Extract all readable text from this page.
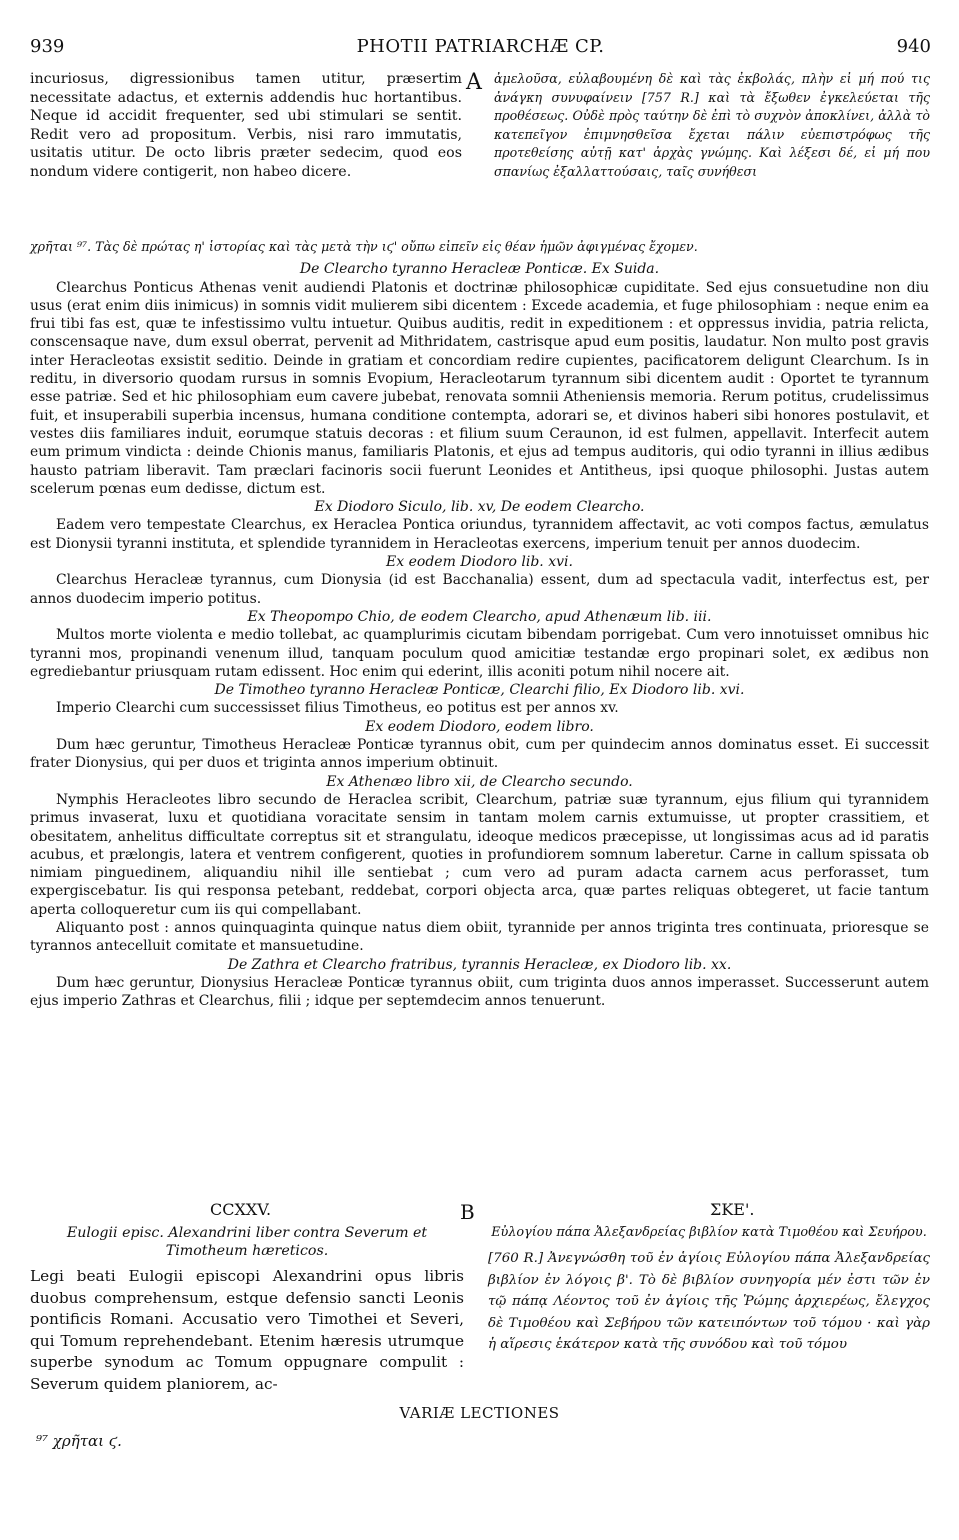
939	PHOTII PATRIARCHÆ CP.	940

incuriosus, digressionibus tamen utitur, præsertim necessitate adactus, et externis addendis huc hortantibus. Neque id accidit frequenter, sed ubi stimulari se sentit. Redit vero ad propositum. Verbis, nisi raro immutatis, usitatis utitur. De octo libris præter sedecim, quod eos nondum videre contigerit, non habeo dicere.

A ἀμελοῦσα, εὐλαβουμένη δὲ καὶ τὰς ἐκβολάς, πλὴν εἰ μή πού τις ἀνάγκη συνυφαίνειν [757 R.] καὶ τὰ ἔξωθεν ἐγκελεύεται τῆς προθέσεως. Οὐδὲ πρὸς ταύτην δὲ ἐπὶ τὸ συχνὸν ἀποκλίνει, ἀλλὰ τὸ κατεπεῖγον ἐπιμνησθεῖσα ἔχεται πάλιν εὐεπιστρόφως τῆς προτεθείσης αὐτῇ κατ' ἀρχὰς γνώμης. Καὶ λέξεσι δέ, εἰ μή που σπανίως ἐξαλλαττούσαις, ταῖς συνήθεσι

χρῆται ⁹⁷. Τὰς δὲ πρώτας η' ἱστορίας καὶ τὰς μετὰ τὴν ιϛ' οὔπω εἰπεῖν εἰς θέαν ἡμῶν ἀφιγμένας ἔχομεν.

De Clearcho tyranno Heracleæ Ponticæ. Ex Suida.

Clearchus Ponticus Athenas venit audiendi Platonis et doctrinæ philosophicæ cupiditate. Sed ejus consuetudine non diu usus (erat enim diis inimicus) in somnis vidit mulierem sibi dicentem : Excede academia, et fuge philosophiam : neque enim ea frui tibi fas est, quæ te infestissimo vultu intuetur. Quibus auditis, redit in expeditionem : et oppressus invidia, patria relicta, conscensaque nave, dum exsul oberrat, pervenit ad Mithridatem, castrisque apud eum positis, laudatur. Non multo post gravis inter Heracleotas exsistit seditio. Deinde in gratiam et concordiam redire cupientes, pacificatorem deligunt Clearchum. Is in reditu, in diversorio quodam rursus in somnis Evopium, Heracleotarum tyrannum sibi dicentem audit : Oportet te tyrannum esse patriæ. Sed et hic philosophiam eum cavere jubebat, renovata somnii Atheniensis memoria. Rerum potitus, crudelissimus fuit, et insuperabili superbia incensus, humana conditione contempta, adorari se, et divinos haberi sibi honores postulavit, et vestes diis familiares induit, eorumque statuis decoras : et filium suum Ceraunon, id est fulmen, appellavit. Interfecit autem eum primum vindicta : deinde Chionis manus, familiaris Platonis, et ejus ad tempus auditoris, qui odio tyranni in illius ædibus hausto patriam liberavit. Tam præclari facinoris socii fuerunt Leonides et Antitheus, ipsi quoque philosophi. Justas autem scelerum pœnas eum dedisse, dictum est.

Ex Diodoro Siculo, lib. xv, De eodem Clearcho.

Eadem vero tempestate Clearchus, ex Heraclea Pontica oriundus, tyrannidem affectavit, ac voti compos factus, æmulatus est Dionysii tyranni instituta, et splendide tyrannidem in Heracleotas exercens, imperium tenuit per annos duodecim.

Ex eodem Diodoro lib. xvi.

Clearchus Heracleæ tyrannus, cum Dionysia (id est Bacchanalia) essent, dum ad spectacula vadit, interfectus est, per annos duodecim imperio potitus.

Ex Theopompo Chio, de eodem Clearcho, apud Athenæum lib. iii.

Multos morte violenta e medio tollebat, ac quamplurimis cicutam bibendam porrigebat. Cum vero innotuisset omnibus hic tyranni mos, propinandi venenum illud, tanquam poculum quod amicitiæ testandæ ergo propinari solet, ex ædibus non egrediebantur priusquam rutam edissent. Hoc enim qui ederint, illis aconiti potum nihil nocere ait.

De Timotheo tyranno Heracleæ Ponticæ, Clearchi filio, Ex Diodoro lib. xvi.

Imperio Clearchi cum successisset filius Timotheus, eo potitus est per annos xv.

Ex eodem Diodoro, eodem libro.

Dum hæc geruntur, Timotheus Heracleæ Ponticæ tyrannus obit, cum per quindecim annos dominatus esset. Ei successit frater Dionysius, qui per duos et triginta annos imperium obtinuit.

Ex Athenæo libro xii, de Clearcho secundo.

Nymphis Heracleotes libro secundo de Heraclea scribit, Clearchum, patriæ suæ tyrannum, ejus filium qui tyrannidem primus invaserat, luxu et quotidiana voracitate sensim in tantam molem carnis extumuisse, ut propter crassitiem, et obesitatem, anhelitus difficultate correptus sit et strangulatu, ideoque medicos præcepisse, ut longissimas acus ad id paratis acubus, et prælongis, latera et ventrem configerent, quoties in profundiorem somnum laberetur. Carne in callum spissata ob nimiam pinguedinem, aliquandiu nihil ille sentiebat ; cum vero ad puram adacta carnem acus perforasset, tum expergiscebatur. Iis qui responsa petebant, reddebat, corpori objecta arca, quæ partes reliquas obtegeret, ut facie tantum aperta colloqueretur cum iis qui compellabant.

Aliquanto post : annos quinquaginta quinque natus diem obiit, tyrannide per annos triginta tres continuata, prioresque se tyrannos antecelluit comitate et mansuetudine.

De Zathra et Clearcho fratribus, tyrannis Heracleæ, ex Diodoro lib. xx.

Dum hæc geruntur, Dionysius Heracleæ Ponticæ tyrannus obiit, cum triginta duos annos imperasset. Successerunt autem ejus imperio Zathras et Clearchus, filii ; idque per septemdecim annos tenuerunt.

CCXXV.	B	ΣΚΕ'.

Eulogii episc. Alexandrini liber contra Severum et Timotheum hæreticos.

Legi beati Eulogii episcopi Alexandrini opus libris duobus comprehensum, estque defensio sancti Leonis pontificis Romani. Accusatio vero Timothei et Severi, qui Tomum reprehendebant. Etenim hæresis utrumque superbe synodum ac Tomum oppugnare compulit : Severum quidem planiorem, ac-

Εὐλογίου πάπα Ἀλεξανδρείας βιβλίον κατὰ Τιμοθέου καὶ Σευήρου.

[760 R.] Ἀνεγνώσθη τοῦ ἐν ἁγίοις Εὐλογίου πάπα Ἀλεξανδρείας βιβλίον ἐν λόγοις β'. Τὸ δὲ βιβλίον συνηγορία μέν ἐστι τῶν ἐν τῷ πάπᾳ Λέοντος τοῦ ἐν ἁγίοις τῆς Ῥώμης ἀρχιερέως, ἔλεγχος δὲ Τιμοθέου καὶ Σεβήρου τῶν κατειπόντων τοῦ τόμου · καὶ γὰρ ἡ αἵρεσις ἑκάτερον κατὰ τῆς συνόδου καὶ τοῦ τόμου

VARIÆ LECTIONES
⁹⁷ χρῆται ϛ.
